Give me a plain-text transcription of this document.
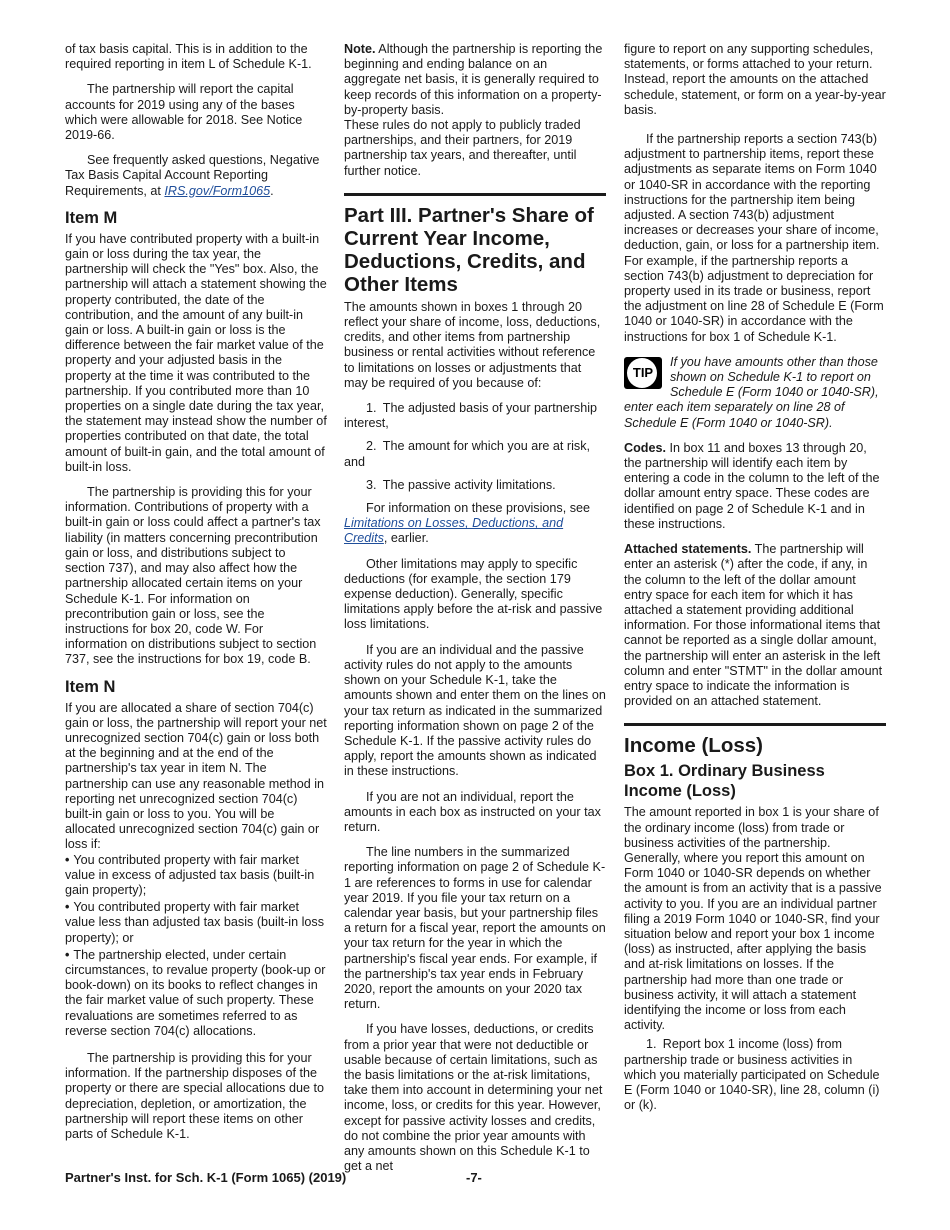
of tax basis capital. This is in addition to the required reporting in item L of Schedule K-1.

The partnership will report the capital accounts for 2019 using any of the bases which were allowable for 2018. See Notice 2019-66.

See frequently asked questions, Negative Tax Basis Capital Account Reporting Requirements, at IRS.gov/Form1065.

Item M

If you have contributed property with a built-in gain or loss during the tax year, the partnership will check the "Yes" box. Also, the partnership will attach a statement showing the property contributed, the date of the contribution, and the amount of any built-in gain or loss. A built-in gain or loss is the difference between the fair market value of the property and your adjusted basis in the property at the time it was contributed to the partnership. If you contributed more than 10 properties on a single date during the tax year, the statement may instead show the number of properties contributed on that date, the total amount of built-in gain, and the total amount of built-in loss.

The partnership is providing this for your information. Contributions of property with a built-in gain or loss could affect a partner's tax liability (in matters concerning precontribution gain or loss, and distributions subject to section 737), and may also affect how the partnership allocated certain items on your Schedule K-1. For information on precontribution gain or loss, see the instructions for box 20, code W. For information on distributions subject to section 737, see the instructions for box 19, code B.

Item N

If you are allocated a share of section 704(c) gain or loss, the partnership will report your net unrecognized section 704(c) gain or loss both at the beginning and at the end of the partnership's tax year in item N. The partnership can use any reasonable method in reporting net unrecognized section 704(c) built-in gain or loss to you. You will be allocated unrecognized section 704(c) gain or loss if:

• You contributed property with fair market value in excess of adjusted tax basis (built-in gain property);

• You contributed property with fair market value less than adjusted tax basis (built-in loss property); or

• The partnership elected, under certain circumstances, to revalue property (book-up or book-down) on its books to reflect changes in the fair market value of such property. These revaluations are sometimes referred to as reverse section 704(c) allocations.

The partnership is providing this for your information. If the partnership disposes of the property or there are special allocations due to depreciation, depletion, or amortization, the partnership will report these items on other parts of Schedule K-1.

Note. Although the partnership is reporting the beginning and ending balance on an aggregate net basis, it is generally required to keep records of this information on a property-by-property basis.

These rules do not apply to publicly traded partnerships, and their partners, for 2019 partnership tax years, and thereafter, until further notice.

Part III. Partner's Share of Current Year Income, Deductions, Credits, and Other Items

The amounts shown in boxes 1 through 20 reflect your share of income, loss, deductions, credits, and other items from partnership business or rental activities without reference to limitations on losses or adjustments that may be required of you because of:

1. The adjusted basis of your partnership interest,

2. The amount for which you are at risk, and

3. The passive activity limitations.

For information on these provisions, see Limitations on Losses, Deductions, and Credits, earlier.

Other limitations may apply to specific deductions (for example, the section 179 expense deduction). Generally, specific limitations apply before the at-risk and passive loss limitations.

If you are an individual and the passive activity rules do not apply to the amounts shown on your Schedule K-1, take the amounts shown and enter them on the lines on your tax return as indicated in the summarized reporting information shown on page 2 of the Schedule K-1. If the passive activity rules do apply, report the amounts shown as indicated in these instructions.

If you are not an individual, report the amounts in each box as instructed on your tax return.

The line numbers in the summarized reporting information on page 2 of Schedule K-1 are references to forms in use for calendar year 2019. If you file your tax return on a calendar year basis, but your partnership files a return for a fiscal year, report the amounts on your tax return for the year in which the partnership's fiscal year ends. For example, if the partnership's tax year ends in February 2020, report the amounts on your 2020 tax return.

If you have losses, deductions, or credits from a prior year that were not deductible or usable because of certain limitations, such as the basis limitations or the at-risk limitations, take them into account in determining your net income, loss, or credits for this year. However, except for passive activity losses and credits, do not combine the prior year amounts with any amounts shown on this Schedule K-1 to get a net

figure to report on any supporting schedules, statements, or forms attached to your return. Instead, report the amounts on the attached schedule, statement, or form on a year-by-year basis.

If the partnership reports a section 743(b) adjustment to partnership items, report these adjustments as separate items on Form 1040 or 1040-SR in accordance with the reporting instructions for the partnership item being adjusted. A section 743(b) adjustment increases or decreases your share of income, deduction, gain, or loss for a partnership item. For example, if the partnership reports a section 743(b) adjustment to depreciation for property used in its trade or business, report the adjustment on line 28 of Schedule E (Form 1040 or 1040-SR) in accordance with the instructions for box 1 of Schedule K-1.

TIP
If you have amounts other than those shown on Schedule K-1 to report on Schedule E (Form 1040 or 1040-SR), enter each item separately on line 28 of Schedule E (Form 1040 or 1040-SR).

Codes. In box 11 and boxes 13 through 20, the partnership will identify each item by entering a code in the column to the left of the dollar amount entry space. These codes are identified on page 2 of Schedule K-1 and in these instructions.

Attached statements. The partnership will enter an asterisk (*) after the code, if any, in the column to the left of the dollar amount entry space for each item for which it has attached a statement providing additional information. For those informational items that cannot be reported as a single dollar amount, the partnership will enter an asterisk in the left column and enter "STMT" in the dollar amount entry space to indicate the information is provided on an attached statement.

Income (Loss)
Box 1. Ordinary Business Income (Loss)

The amount reported in box 1 is your share of the ordinary income (loss) from trade or business activities of the partnership. Generally, where you report this amount on Form 1040 or 1040-SR depends on whether the amount is from an activity that is a passive activity to you. If you are an individual partner filing a 2019 Form 1040 or 1040-SR, find your situation below and report your box 1 income (loss) as instructed, after applying the basis and at-risk limitations on losses. If the partnership had more than one trade or business activity, it will attach a statement identifying the income or loss from each activity.

1. Report box 1 income (loss) from partnership trade or business activities in which you materially participated on Schedule E (Form 1040 or 1040-SR), line 28, column (i) or (k).

Partner's Inst. for Sch. K-1 (Form 1065) (2019)	-7-
